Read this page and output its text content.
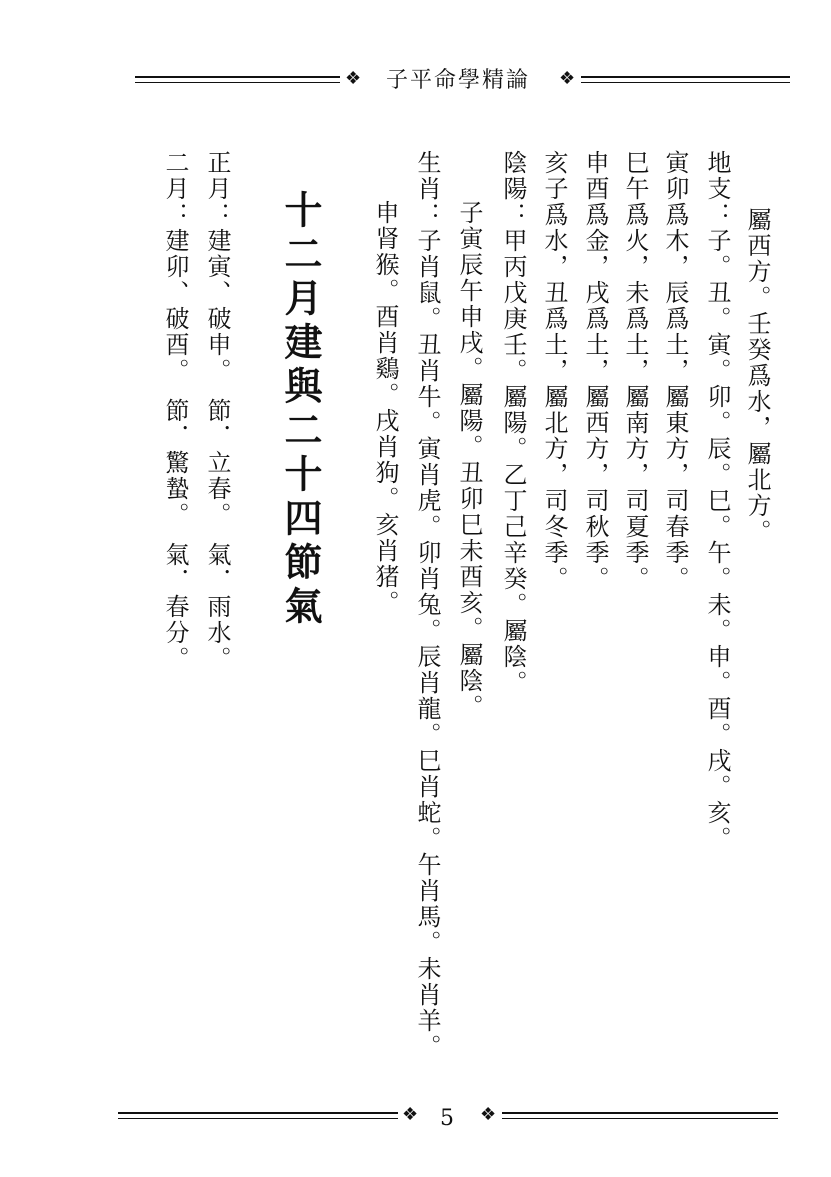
❖	子平命學精論	❖
屬西方。壬癸爲水，屬北方。
地支：子。丑。寅。卯。辰。巳。午。未。申。酉。戌。亥。
寅卯爲木，辰爲土，屬東方，司春季。
巳午爲火，未爲土，屬南方，司夏季。
申酉爲金，戌爲土，屬西方，司秋季。
亥子爲水，丑爲土，屬北方，司冬季。
陰陽：甲丙戊庚壬。屬陽。乙丁己辛癸。屬陰。
子寅辰午申戌。屬陽。丑卯巳未酉亥。屬陰。
生肖：子肖鼠。丑肖牛。寅肖虎。卯肖兔。辰肖龍。巳肖蛇。午肖馬。未肖羊。
申肾猴。酉肖鷄。戌肖狗。亥肖猪。
十二月建與二十四節氣
正月：建寅、破申。　節．立春。　氣．雨水。
二月：建卯、破酉。　節．驚蟄。　氣．春分。
❖ 5 ❖
